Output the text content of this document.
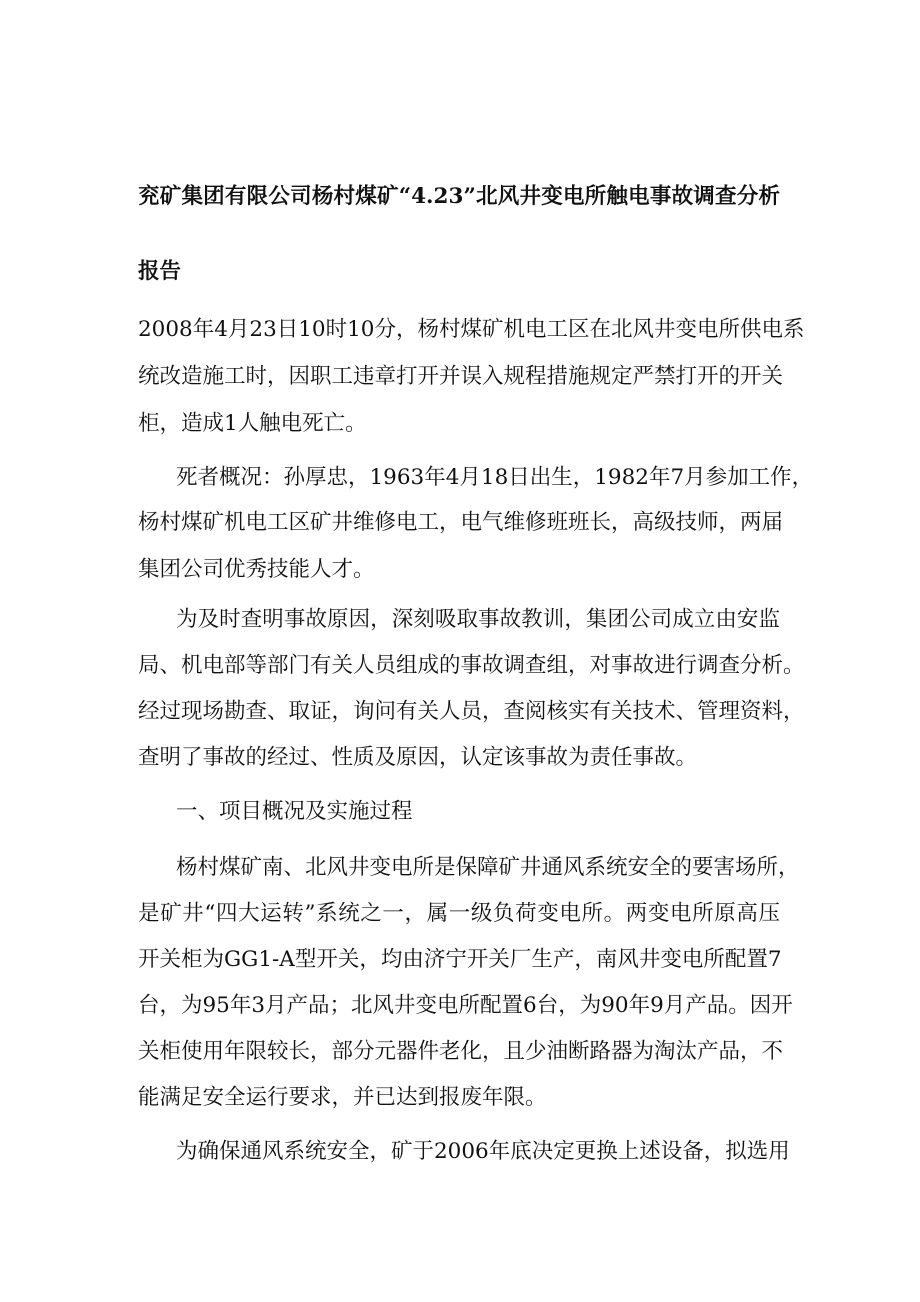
兖矿集团有限公司杨村煤矿“4.23”北风井变电所触电事故调查分析
报告
2008年4月23日10时10分，杨村煤矿机电工区在北风井变电所供电系
统改造施工时，因职工违章打开并误入规程措施规定严禁打开的开关
柜，造成1人触电死亡。
死者概况：孙厚忠，1963年4月18日出生，1982年7月参加工作，
杨村煤矿机电工区矿井维修电工，电气维修班班长，高级技师，两届
集团公司优秀技能人才。
为及时查明事故原因，深刻吸取事故教训，集团公司成立由安监
局、机电部等部门有关人员组成的事故调查组，对事故进行调查分析。
经过现场勘查、取证，询问有关人员，查阅核实有关技术、管理资料，
查明了事故的经过、性质及原因，认定该事故为责任事故。
一、项目概况及实施过程
杨村煤矿南、北风井变电所是保障矿井通风系统安全的要害场所，
是矿井“四大运转”系统之一，属一级负荷变电所。两变电所原高压
开关柜为GG1-A型开关，均由济宁开关厂生产，南风井变电所配置7
台，为95年3月产品；北风井变电所配置6台，为90年9月产品。因开
关柜使用年限较长，部分元器件老化，且少油断路器为淘汰产品，不
能满足安全运行要求，并已达到报废年限。
为确保通风系统安全，矿于2006年底决定更换上述设备，拟选用
